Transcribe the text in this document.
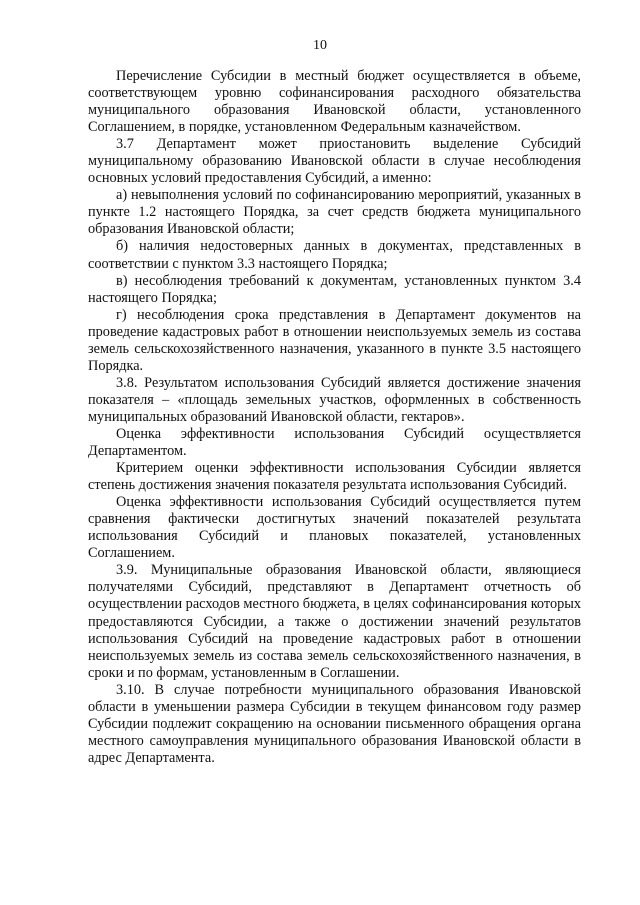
10

Перечисление Субсидии в местный бюджет осуществляется в объеме, соответствующем уровню софинансирования расходного обязательства муниципального образования Ивановской области, установленного Соглашением, в порядке, установленном Федеральным казначейством.

3.7 Департамент может приостановить выделение Субсидий муниципальному образованию Ивановской области в случае несоблюдения основных условий предоставления Субсидий, а именно:

а) невыполнения условий по софинансированию мероприятий, указанных в пункте 1.2 настоящего Порядка, за счет средств бюджета муниципального образования Ивановской области;

б) наличия недостоверных данных в документах, представленных в соответствии с пунктом 3.3 настоящего Порядка;

в) несоблюдения требований к документам, установленных пунктом 3.4 настоящего Порядка;

г) несоблюдения срока представления в Департамент документов на проведение кадастровых работ в отношении неиспользуемых земель из состава земель сельскохозяйственного назначения, указанного в пункте 3.5 настоящего Порядка.

3.8. Результатом использования Субсидий является достижение значения показателя – «площадь земельных участков, оформленных в собственность муниципальных образований Ивановской области, гектаров».

Оценка эффективности использования Субсидий осуществляется Департаментом.

Критерием оценки эффективности использования Субсидии является степень достижения значения показателя результата использования Субсидий.

Оценка эффективности использования Субсидий осуществляется путем сравнения фактически достигнутых значений показателей результата использования Субсидий и плановых показателей, установленных Соглашением.

3.9. Муниципальные образования Ивановской области, являющиеся получателями Субсидий, представляют в Департамент отчетность об осуществлении расходов местного бюджета, в целях софинансирования которых предоставляются Субсидии, а также о достижении значений результатов использования Субсидий на проведение кадастровых работ в отношении неиспользуемых земель из состава земель сельскохозяйственного назначения, в сроки и по формам, установленным в Соглашении.

3.10. В случае потребности муниципального образования Ивановской области в уменьшении размера Субсидии в текущем финансовом году размер Субсидии подлежит сокращению на основании письменного обращения органа местного самоуправления муниципального образования Ивановской области в адрес Департамента.
